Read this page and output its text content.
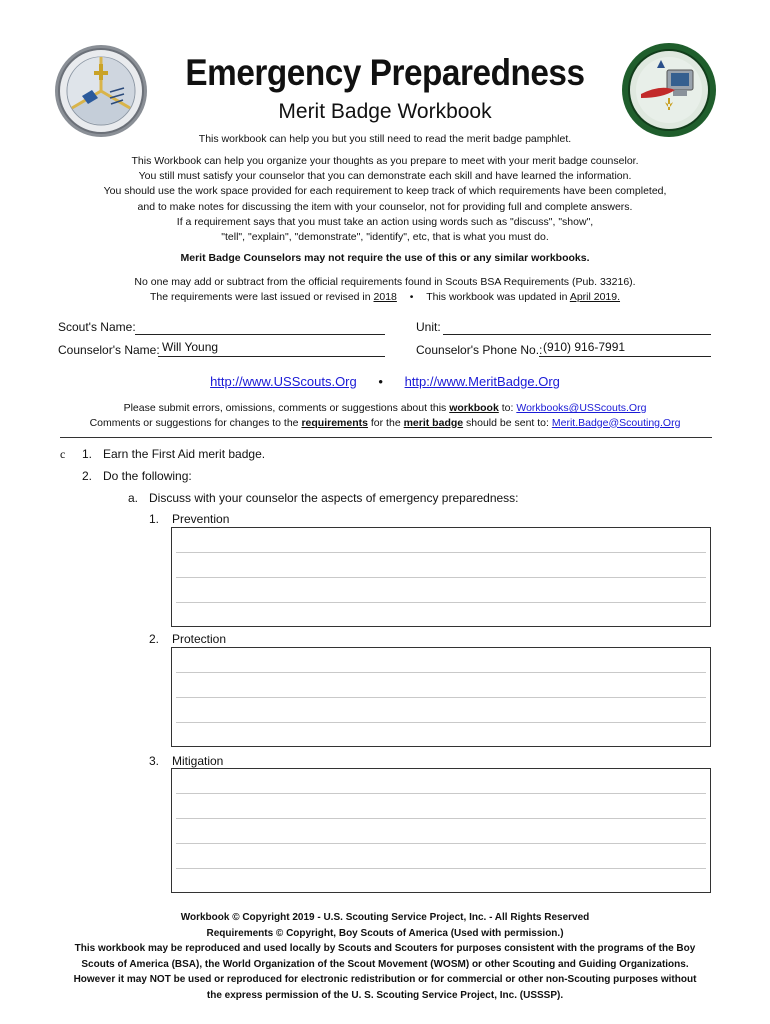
Emergency Preparedness
Merit Badge Workbook
This workbook can help you but you still need to read the merit badge pamphlet.
This Workbook can help you organize your thoughts as you prepare to meet with your merit badge counselor.
You still must satisfy your counselor that you can demonstrate each skill and have learned the information.
You should use the work space provided for each requirement to keep track of which requirements have been completed,
and to make notes for discussing the item with your counselor, not for providing full and complete answers.
If a requirement says that you must take an action using words such as "discuss", "show",
"tell", "explain", "demonstrate", "identify", etc, that is what you must do.
Merit Badge Counselors may not require the use of this or any similar workbooks.
No one may add or subtract from the official requirements found in Scouts BSA Requirements (Pub. 33216).
The requirements were last issued or revised in 2018 • This workbook was updated in April 2019.
Scout's Name:	Unit:
Counselor's Name: Will Young	Counselor's Phone No.: (910) 916-7991
http://www.USScouts.Org • http://www.MeritBadge.Org
Please submit errors, omissions, comments or suggestions about this workbook to: Workbooks@USScouts.Org
Comments or suggestions for changes to the requirements for the merit badge should be sent to: Merit.Badge@Scouting.Org
c 1. Earn the First Aid merit badge.
2. Do the following:
a. Discuss with your counselor the aspects of emergency preparedness:
1. Prevention
2. Protection
3. Mitigation
Workbook © Copyright 2019 - U.S. Scouting Service Project, Inc. - All Rights Reserved
Requirements © Copyright, Boy Scouts of America (Used with permission.)
This workbook may be reproduced and used locally by Scouts and Scouters for purposes consistent with the programs of the Boy
Scouts of America (BSA), the World Organization of the Scout Movement (WOSM) or other Scouting and Guiding Organizations.
However it may NOT be used or reproduced for electronic redistribution or for commercial or other non-Scouting purposes without
the express permission of the U. S. Scouting Service Project, Inc. (USSSP).
